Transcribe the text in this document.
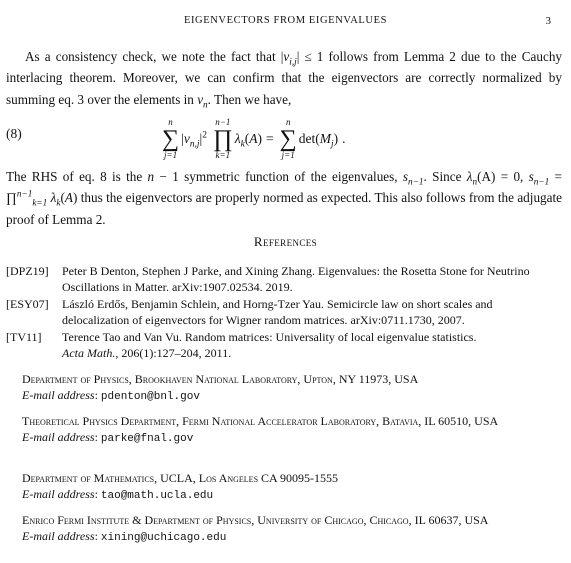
EIGENVECTORS FROM EIGENVALUES	3

As a consistency check, we note the fact that $|v_{i,j}| \le 1$ follows from Lemma 2 due to the Cauchy interlacing theorem. Moreover, we can confirm that the eigenvectors are correctly normalized by summing eq. 3 over the elements in $v_n$. Then we have,

(8)
n
∑
j=1
$|v_{n,j}|^2$
n−1
∏
k=1
$\lambda_k(A)$ =
n
∑
j=1
$\det (M_j)$ .

The RHS of eq. 8 is the n − 1 symmetric function of the eigenvalues, $s_{n-1}$. Since $\lambda_n(A) = 0$, $s_{n-1}$ = ∏$^{n-1}_{k=1}$ $\lambda_k(A)$ thus the eigenvectors are properly normed as expected. This also follows from the adjugate proof of Lemma 2.

References
[DPZ19] Peter B Denton, Stephen J Parke, and Xining Zhang. Eigenvalues: the Rosetta Stone for Neutrino Oscillations in Matter. arXiv:1907.02534. 2019.
[ESY07] László Erdős, Benjamin Schlein, and Horng-Tzer Yau. Semicircle law on short scales and delocalization of eigenvectors for Wigner random matrices. arXiv:0711.1730, 2007.
[TV11] Terence Tao and Van Vu. Random matrices: Universality of local eigenvalue statistics.
Acta Math., 206(1):127–204, 2011.
Department of Physics, Brookhaven National Laboratory, Upton, NY 11973, USA
E-mail address: pdenton@bnl.gov
Theoretical Physics Department, Fermi National Accelerator Laboratory, Batavia, IL 60510, USA
E-mail address: parke@fnal.gov
Department of Mathematics, UCLA, Los Angeles CA 90095-1555
E-mail address: tao@math.ucla.edu
Enrico Fermi Institute & Department of Physics, University of Chicago, Chicago, IL 60637, USA
E-mail address: xining@uchicago.edu
